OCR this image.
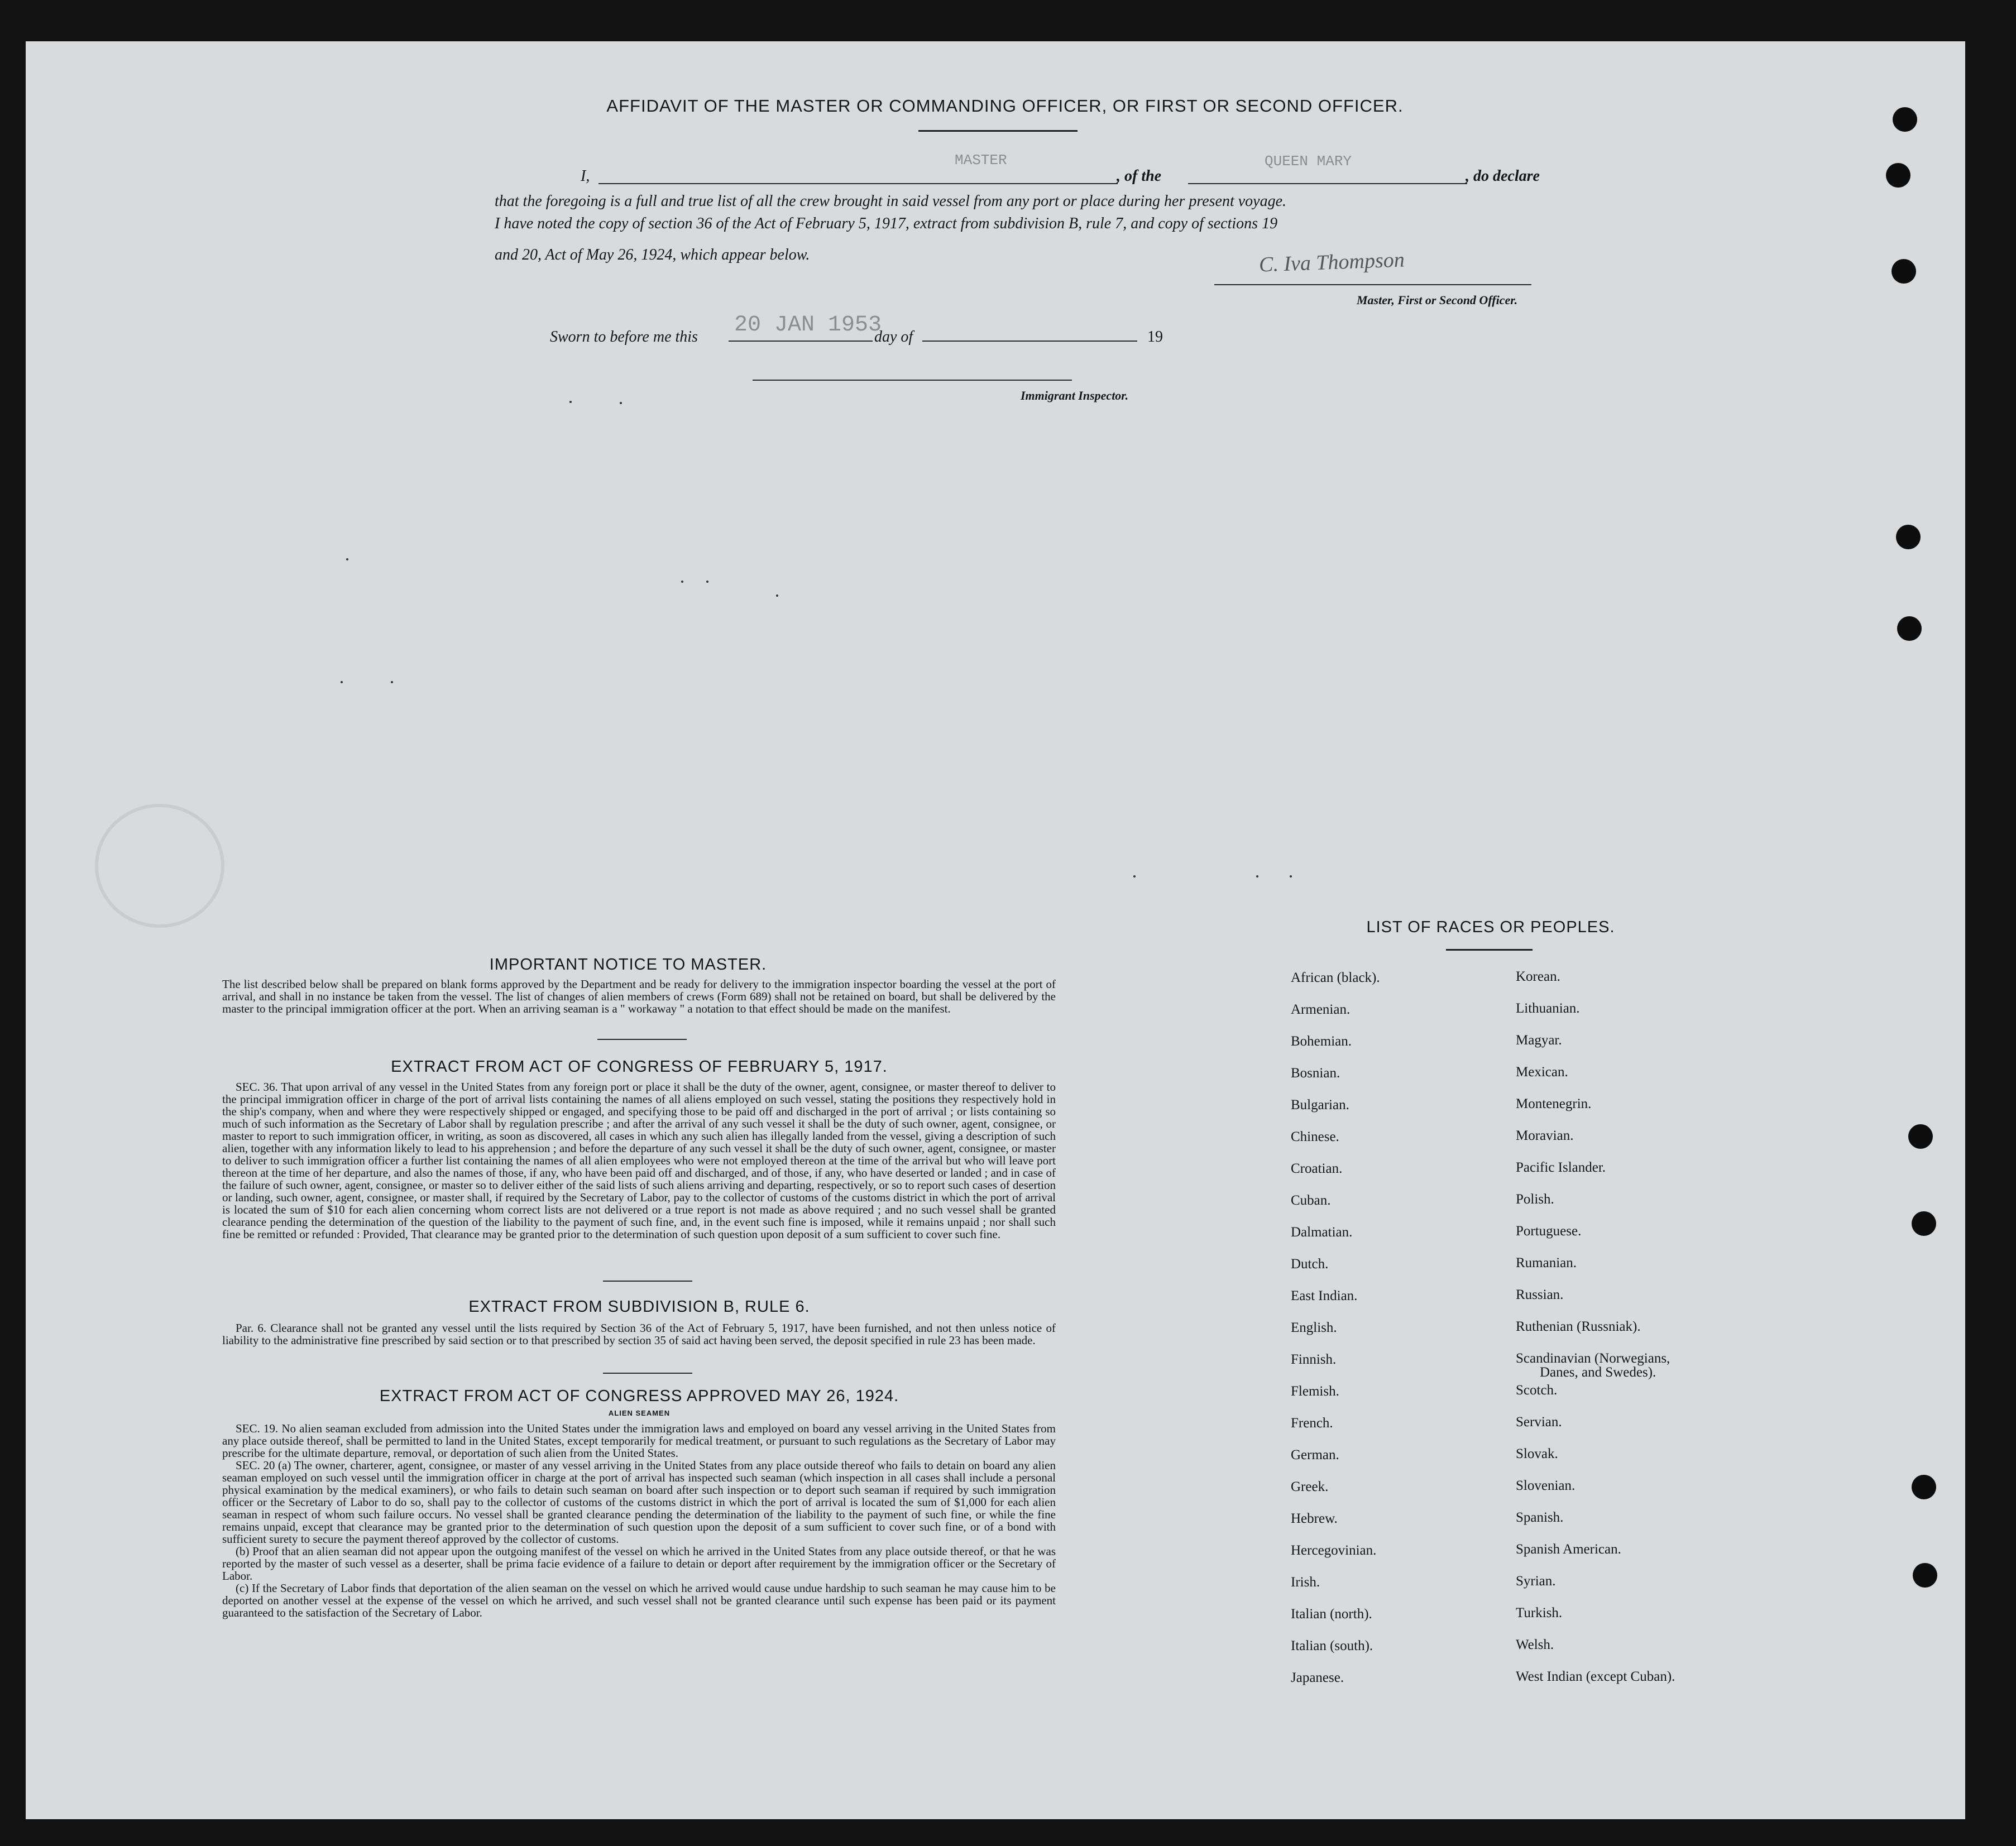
AFFIDAVIT OF THE MASTER OR COMMANDING OFFICER, OR FIRST OR SECOND OFFICER.
I,
MASTER
, of the
QUEEN MARY
, do declare
that the foregoing is a full and true list of all the crew brought in said vessel from any port or place during her present voyage.
I have noted the copy of section 36 of the Act of February 5, 1917, extract from subdivision B, rule 7, and copy of sections 19
and 20, Act of May 26, 1924, which appear below.	C. Iva Thompson
Master, First or Second Officer.
Sworn to before me this 20 JAN 1953
day of	19
Immigrant Inspector.
IMPORTANT NOTICE TO MASTER.
The list described below shall be prepared on blank forms approved by the Department and be ready for delivery to the immigration inspector boarding the vessel at the port of arrival, and shall in no instance be taken from the vessel. The list of changes of alien members of crews (Form 689) shall not be retained on board, but shall be delivered by the master to the principal immigration officer at the port. When an arriving seaman is a " workaway " a notation to that effect should be made on the manifest.
EXTRACT FROM ACT OF CONGRESS OF FEBRUARY 5, 1917.
SEC. 36. That upon arrival of any vessel in the United States from any foreign port or place it shall be the duty of the owner, agent, consignee, or master thereof to deliver to the principal immigration officer in charge of the port of arrival lists containing the names of all aliens employed on such vessel, stating the positions they respectively hold in the ship's company, when and where they were respectively shipped or engaged, and specifying those to be paid off and discharged in the port of arrival ; or lists containing so much of such information as the Secretary of Labor shall by regulation prescribe ; and after the arrival of any such vessel it shall be the duty of such owner, agent, consignee, or master to report to such immigration officer, in writing, as soon as discovered, all cases in which any such alien has illegally landed from the vessel, giving a description of such alien, together with any information likely to lead to his apprehension ; and before the departure of any such vessel it shall be the duty of such owner, agent, consignee, or master to deliver to such immigration officer a further list containing the names of all alien employees who were not employed thereon at the time of the arrival but who will leave port thereon at the time of her departure, and also the names of those, if any, who have been paid off and discharged, and of those, if any, who have deserted or landed ; and in case of the failure of such owner, agent, consignee, or master so to deliver either of the said lists of such aliens arriving and departing, respectively, or so to report such cases of desertion or landing, such owner, agent, consignee, or master shall, if required by the Secretary of Labor, pay to the collector of customs of the customs district in which the port of arrival is located the sum of $10 for each alien concerning whom correct lists are not delivered or a true report is not made as above required ; and no such vessel shall be granted clearance pending the determination of the question of the liability to the payment of such fine, and, in the event such fine is imposed, while it remains unpaid ; nor shall such fine be remitted or refunded : Provided, That clearance may be granted prior to the determination of such question upon deposit of a sum sufficient to cover such fine.
EXTRACT FROM SUBDIVISION B, RULE 6.
Par. 6. Clearance shall not be granted any vessel until the lists required by Section 36 of the Act of February 5, 1917, have been furnished, and not then unless notice of liability to the administrative fine prescribed by said section or to that prescribed by section 35 of said act having been served, the deposit specified in rule 23 has been made.
EXTRACT FROM ACT OF CONGRESS APPROVED MAY 26, 1924.
ALIEN SEAMEN

SEC. 19. No alien seaman excluded from admission into the United States under the immigration laws and employed on board any vessel arriving in the United States from any place outside thereof, shall be permitted to land in the United States, except temporarily for medical treatment, or pursuant to such regulations as the Secretary of Labor may prescribe for the ultimate departure, removal, or deportation of such alien from the United States.

SEC. 20 (a) The owner, charterer, agent, consignee, or master of any vessel arriving in the United States from any place outside thereof who fails to detain on board any alien seaman employed on such vessel until the immigration officer in charge at the port of arrival has inspected such seaman (which inspection in all cases shall include a personal physical examination by the medical examiners), or who fails to detain such seaman on board after such inspection or to deport such seaman if required by such immigration officer or the Secretary of Labor to do so, shall pay to the collector of customs of the customs district in which the port of arrival is located the sum of $1,000 for each alien seaman in respect of whom such failure occurs. No vessel shall be granted clearance pending the determination of the liability to the payment of such fine, or while the fine remains unpaid, except that clearance may be granted prior to the determination of such question upon the deposit of a sum sufficient to cover such fine, or of a bond with sufficient surety to secure the payment thereof approved by the collector of customs.

(b) Proof that an alien seaman did not appear upon the outgoing manifest of the vessel on which he arrived in the United States from any place outside thereof, or that he was reported by the master of such vessel as a deserter, shall be prima facie evidence of a failure to detain or deport after requirement by the immigration officer or the Secretary of Labor.

(c) If the Secretary of Labor finds that deportation of the alien seaman on the vessel on which he arrived would cause undue hardship to such seaman he may cause him to be deported on another vessel at the expense of the vessel on which he arrived, and such vessel shall not be granted clearance until such expense has been paid or its payment guaranteed to the satisfaction of the Secretary of Labor.

LIST OF RACES OR PEOPLES.
African (black).
Armenian.
Bohemian.
Bosnian.
Bulgarian.
Chinese.
Croatian.
Cuban.
Dalmatian.
Dutch.
East Indian.
English.
Finnish.
Flemish.
French.
German.
Greek.
Hebrew.
Hercegovinian.
Irish.
Italian (north).
Italian (south).
Japanese.
Korean.
Lithuanian.
Magyar.
Mexican.
Montenegrin.
Moravian.
Pacific Islander.
Polish.
Portuguese.
Rumanian.
Russian.
Ruthenian (Russniak).
Scandinavian (Norwegians,
Danes, and Swedes).
Scotch.
Servian.
Slovak.
Slovenian.
Spanish.
Spanish American.
Syrian.
Turkish.
Welsh.
West Indian (except Cuban).
